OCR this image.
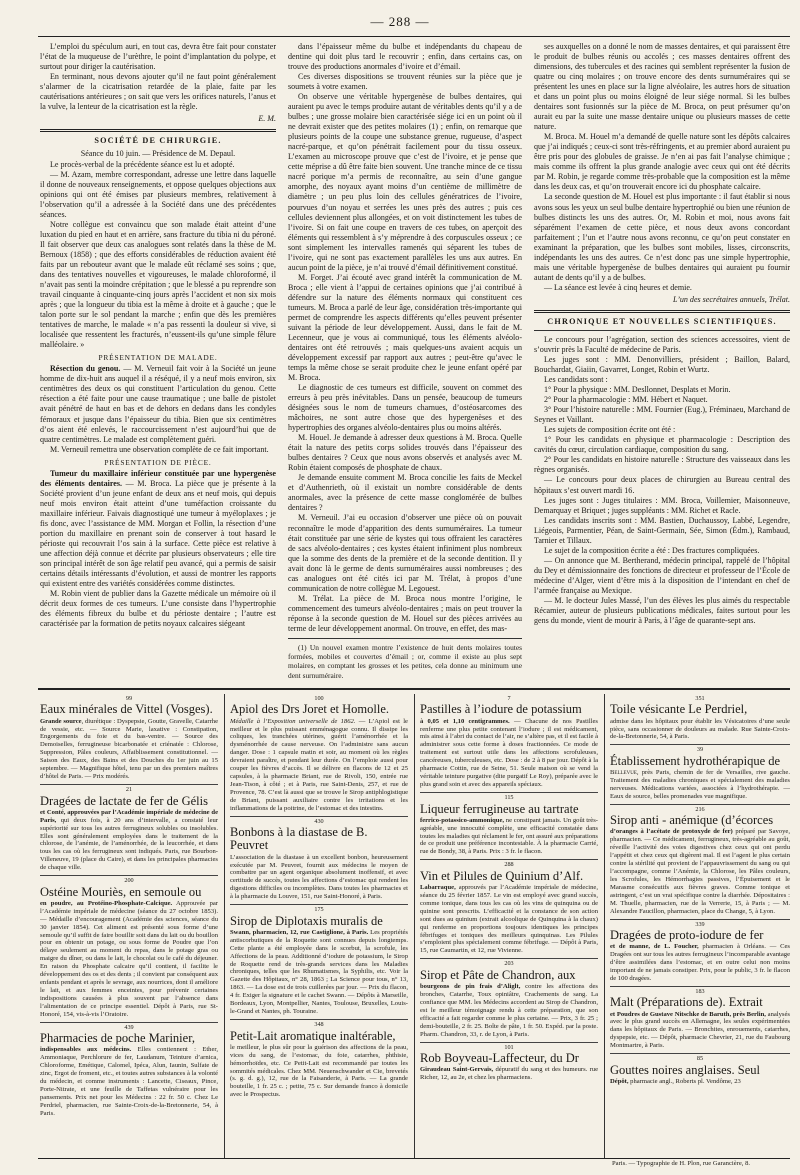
— 288 —

L’emploi du spéculum auri, en tout cas, devra être fait pour constater l’état de la muqueuse de l’urèthre, le point d’implantation du polype, et surtout pour diriger la cautérisation.

En terminant, nous devons ajouter qu’il ne faut point généralement s’alarmer de la cicatrisation retardée de la plaie, faite par les cautérisations antérieures ; on sait que vers les orifices naturels, l’anus et la vulve, la lenteur de la cicatrisation est la règle.

E. M.
SOCIÉTÉ DE CHIRURGIE.

Séance du 10 juin. — Présidence de M. Depaul.

Le procès-verbal de la précédente séance est lu et adopté.

— M. Azam, membre correspondant, adresse une lettre dans laquelle il donne de nouveaux renseignements, et oppose quelques objections aux opinions qui ont été émises par plusieurs membres, relativement à l’observation qu’il a adressée à la Société dans une des précédentes séances.

Notre collègue est convaincu que son malade était atteint d’une luxation du pied en haut et en arrière, sans fracture du tibia ni du péroné. Il fait observer que deux cas analogues sont relatés dans la thèse de M. Bernoux (1858) ; que des efforts considérables de réduction avaient été faits par un rebouteur avant que le malade eût réclamé ses soins ; que, dans des tentatives nouvelles et vigoureuses, le malade chloroformé, il n’avait pas senti la moindre crépitation ; que le blessé a pu reprendre son travail cinquante à cinquante-cinq jours après l’accident et non six mois après ; que la longueur du tibia est la même à droite et à gauche ; que le talon porte sur le sol pendant la marche ; enfin que dès les premières tentatives de marche, le malade « n’a pas ressenti la douleur si vive, si localisée que ressentent les fracturés, n’eussent-ils qu’une simple fêlure malléolaire. »

PRÉSENTATION DE MALADE.

Résection du genou. — M. Verneuil fait voir à la Société un jeune homme de dix-huit ans auquel il a réséqué, il y a neuf mois environ, six centimètres des deux os qui constituent l’articulation du genou. Cette résection a été faite pour une cause traumatique ; une balle de pistolet avait pénétré de haut en bas et de dehors en dedans dans les condyles fémoraux et jusque dans l’épaisseur du tibia. Bien que six centimètres d’os aient été enlevés, le raccourcissement n’est aujourd’hui que de quatre centimètres. Le malade est complètement guéri.

M. Verneuil remettra une observation complète de ce fait important.

PRÉSENTATION DE PIÈCE.

Tumeur du maxillaire inférieur constituée par une hypergenèse des éléments dentaires. — M. Broca. La pièce que je présente à la Société provient d’un jeune enfant de deux ans et neuf mois, qui depuis neuf mois environ était atteint d’une tuméfaction croissante du maxillaire inférieur. Faivais diagnostiqué une tumeur à myéloplaxes ; je fis donc, avec l’assistance de MM. Morgan et Follin, la résection d’une portion du maxillaire en prenant soin de conserver à tout hasard le périoste qui recouvrait l’os sain à la surface. Cette pièce est relative à une affection déjà connue et décrite par plusieurs observateurs ; elle tire son principal intérêt de son âge relatif peu avancé, qui a permis de saisir certains détails intéressants d’évolution, et aussi de montrer les rapports qui existent entre des variétés considérées comme distinctes.

M. Robin vient de publier dans la Gazette médicale un mémoire où il décrit deux formes de ces tumeurs. L’une consiste dans l’hypertrophie des éléments fibreux du bulbe et du périoste dentaire ; l’autre est caractérisée par la formation de petits noyaux calcaires siégeant

dans l’épaisseur même du bulbe et indépendants du chapeau de dentine qui doit plus tard le recouvrir ; enfin, dans certains cas, on trouve des productions anormales d’ivoire et d’émail.

Ces diverses dispositions se trouvent réunies sur la pièce que je soumets à votre examen.

On observe une véritable hypergenèse de bulbes dentaires, qui auraient pu avec le temps produire autant de véritables dents qu’il y a de bulbes ; une grosse molaire bien caractérisée siége ici en un point où il ne devrait exister que des petites molaires (1) ; enfin, on remarque que plusieurs points de la coupe une substance grenue, rugueuse, d’aspect nacré-parque, et qu’on pénétrait facilement pour du tissu osseux. L’examen au microscope prouve que c’est de l’ivoire, et je pense que cette méprise a dû être faite bien souvent. Une tranche mince de ce tissu nacré porique m’a permis de reconnaître, au sein d’une gangue amorphe, des noyaux ayant moins d’un centième de millimètre de diamètre ; un peu plus loin des cellules génératrices de l’ivoire, pourvues d’un noyau et serrées les unes près des autres ; puis ces cellules deviennent plus allongées, et on voit distinctement les tubes de l’ivoire. Si on fait une coupe en travers de ces tubes, on aperçoit des éléments qui ressemblent à s’y méprendre à des corpuscules osseux ; ce sont simplement les intervalles ramenés qui séparent les tubes de l’ivoire, qui ne sont pas exactement parallèles les uns aux autres. En aucun point de la pièce, je n’ai trouvé d’émail définitivement constitué.

M. Forget. J’ai écouté avec grand intérêt la communication de M. Broca ; elle vient à l’appui de certaines opinions que j’ai contribué à défendre sur la nature des éléments normaux qui constituent ces tumeurs. M. Broca a parlé de leur âge, considération très-importante qui permet de comprendre les aspects différents qu’elles peuvent présenter suivant la période de leur développement. Aussi, dans le fait de M. Lecenneur, que je vous ai communiqué, tous les éléments alvéolo-dentaires ont été retrouvés ; mais quelques-uns avaient acquis un développement excessif par rapport aux autres ; peut-être qu’avec le temps la même chose se serait produite chez le jeune enfant opéré par M. Broca.

Le diagnostic de ces tumeurs est difficile, souvent on commet des erreurs à peu près inévitables. Dans un pensée, beaucoup de tumeurs désignées sous le nom de tumeurs charnues, d’ostéosarcomes des mâchoires, ne sont autre chose que des hypergenèses et des hypertrophies des organes alvéolo-dentaires plus ou moins altérés.

M. Houel. Je demande à adresser deux questions à M. Broca. Quelle était la nature des petits corps solides trouvés dans l’épaisseur des bulbes dentaires ? Ceux que nous avons observés et analysés avec M. Robin étaient composés de phosphate de chaux.

Je demande ensuite comment M. Broca concilie les faits de Meckel et d’Authenrieth, où il existait un nombre considérable de dents anormales, avec la présence de cette masse conglomérée de bulbes dentaires ?

M. Verneuil. J’ai eu occasion d’observer une pièce où on pouvait reconnaître le mode d’apparition des dents surnuméraires. La tumeur était constituée par une série de kystes qui tous offraient les caractères de sacs alvéolo-dentaires ; ces kystes étaient infiniment plus nombreux que la somme des dents de la première et de la seconde dentition. Il y avait donc là le germe de dents surnuméraires aussi nombreuses ; des cas analogues ont été cités ici par M. Trélat, à propos d’une communication de notre collègue M. Legouest.

M. Trélat. La pièce de M. Broca nous montre l’origine, le commencement des tumeurs alvéolo-dentaires ; mais on peut trouver la réponse à la seconde question de M. Houel sur des pièces arrivées au terme de leur développement anormal. On trouve, en effet, des mas-

(1) Un nouvel examen montre l’existence de huit dents molaires toutes formées, mobiles et couvertes d’émail ; or, comme il existe au plus sept molaires, en comptant les grosses et les petites, cela donne au minimum une dent surnuméraire.

ses auxquelles on a donné le nom de masses dentaires, et qui paraissent être le produit de bulbes réunis ou accolés ; ces masses dentaires offrent des dimensions, des tubercules et des racines qui semblent représenter la fusion de quatre ou cinq molaires ; on trouve encore des dents surnuméraires qui se présentent les unes en place sur la ligne alvéolaire, les autres hors de situation et dans un point plus ou moins éloigné de leur siége normal. Si les bulbes dentaires sont fusionnés sur la pièce de M. Broca, on peut présumer qu’on aurait eu par la suite une masse dentaire unique ou plusieurs masses de cette nature.

M. Broca. M. Houel m’a demandé de quelle nature sont les dépôts calcaires que j’ai indiqués ; ceux-ci sont très-réfringents, et au premier abord auraient pu être pris pour des globules de graisse. Je n’en ai pas fait l’analyse chimique ; mais comme ils offrent la plus grande analogie avec ceux qui ont été décrits par M. Robin, je regarde comme très-probable que la composition est la même dans les deux cas, et qu’on trouverait encore ici du phosphate calcaire.

La seconde question de M. Houel est plus importante : il faut établir si nous avons sous les yeux un seul bulbe dentaire hypertrophié ou bien une réunion de bulbes distincts les uns des autres. Or, M. Robin et moi, nous avons fait séparément l’examen de cette pièce, et nous deux avons concordant parfaitement ; l’un et l’autre nous avons reconnu, ce qu’on peut constater en examinant la préparation, que les bulbes sont mobiles, lisses, circonscrits, indépendants les uns des autres. Ce n’est donc pas une simple hypertrophie, mais une véritable hypergenèse de bulbes dentaires qui auraient pu fournir autant de dents qu’il y a de bulbes.

— La séance est levée à cinq heures et demie.

L’un des secrétaires annuels, Trélat.
CHRONIQUE ET NOUVELLES SCIENTIFIQUES.

Le concours pour l’agrégation, section des sciences accessoires, vient de s’ouvrir près la Faculté de médecine de Paris.

Les juges sont : MM. Denonvilliers, président ; Baillon, Balard, Bouchardat, Giaiin, Gavarret, Longet, Robin et Wurtz.

Les candidats sont :

1° Pour la physique : MM. Desllonnet, Desplats et Morin.

2° Pour la pharmacologie : MM. Hébert et Naquet.

3° Pour l’histoire naturelle : MM. Fournier (Eug.), Fréminaeu, Marchand de Seynes et Vaillant.

Les sujets de composition écrite ont été :

1° Pour les candidats en physique et pharmacologie : Description des cavités du cœur, circulation cardiaque, composition du sang.

2° Pour les candidats en histoire naturelle : Structure des vaisseaux dans les règnes organisés.

— Le concours pour deux places de chirurgien au Bureau central des hôpitaux s’est ouvert mardi 16.

Les juges sont : Juges titulaires : MM. Broca, Voillemier, Maisonneuve, Demarquay et Briquet ; juges suppléants : MM. Richet et Racle.

Les candidats inscrits sont : MM. Bastien, Duchaussoy, Labbé, Legendre, Liégeois, Parmentier, Péan, de Saint-Germain, Sée, Simon (Édm.), Rambaud, Tarnier et Tillaux.

Le sujet de la composition écrite a été : Des fractures compliquées.

— On annonce que M. Bertherand, médecin principal, rappelé de l’hôpital du Dey et démissionnaire des fonctions de directeur et professeur de l’École de médecine d’Alger, vient d’être mis à la disposition de l’intendant en chef de l’armée française au Mexique.

— M. le docteur Jules Massé, l’un des élèves les plus aimés du respectable Récamier, auteur de plusieurs publications médicales, faites surtout pour les gens du monde, vient de mourir à Paris, à l’âge de quarante-sept ans.

99
Eaux minérales de Vittel (Vosges).
Grande source, diurétique : Dyspepsie, Goutte, Gravelle, Catarrhe de vessie, etc. — Source Marie, laxative : Constipation, Engorgements du foie et du bas-ventre. — Source des Demoiselles, ferrugineuse bicarbonatée et criénatée : Chlorose, Suppression, Pâles couleurs, Affaiblissement constitutionnel. — Saison des Eaux, des Bains et des Douches du 1er juin au 15 septembre. — Magnifique hôtel, tenu par un des premiers maîtres d’hôtel de Paris. — Prix modérés.
21
Dragées de lactate de fer de Gélis
et Conté, approuvées par l’Académie impériale de médecine de Paris, qui deux fois, à 20 ans d’intervalle, a constaté leur supériorité sur tous les autres ferrugineux solubles ou insolubles. Elles sont généralement employées dans le traitement de la chlorose, de l’anémie, de l’aménorrhée, de la leucorrhée, et dans tous les cas où les ferrugineux sont indiqués. Paris, rue Bourbon-Villeneuve, 19 (place du Caire), et dans les principales pharmacies de chaque ville.
200
Ostéine Mouriès, en semoule ou
en poudre, au Protéino-Phosphate-Calcique. Approuvée par l’Académie impériale de médecine (séance du 27 octobre 1853). — Médaille d’encouragement (Académie des sciences, séance du 30 janvier 1854). Cet aliment est présenté sous forme d’une semoule qu’il suffit de faire bouillir soit dans du lait ou du bouillon pour en obtenir un potage, ou sous forme de Poudre que l’on délaye seulement au moment du repas, dans le potage gras ou maigre du dîner, ou dans le lait, le chocolat ou le café du déjeuner. En raison du Phosphate calcaire qu’il contient, il facilite le développement des os et des dents ; il convient par conséquent aux enfants pendant et après le sevrage, aux nourrices, dont il améliore le lait, et aux femmes enceintes, pour prévenir certaines indispositions causées à plus souvent par l’absence dans l’alimentation de ce principe essentiel. Dépôt à Paris, rue St-Honoré, 154, vis-à-vis l’Oratoire.
439
Pharmacies de poche Marinier,
indispensables aux médecins. Elles contiennent : Ether, Ammoniaque, Perchlorure de fer, Laudanum, Teinture d’arnica, Chloroforme, Emétique, Calomel, Ipéca, Alun, Iaunin, Sulfate de zinc, Ergot de froment, etc., et toutes autres substances à la volonté du médecin, et comme instruments : Lancette, Ciseaux, Pince, Porte-Nitrate, et une feuille de Taffetas vulnéraire pour les pansements. Prix net pour les Médecins : 22 fr. 50 c. Chez Le Perdriel, pharmacien, rue Sainte-Croix-de-la-Bretonnerie, 54, à Paris.
100
Apiol des Drs Joret et Homolle.
Médaille à l’Exposition universelle de 1862. — L’Apiol est le meilleur et le plus puissant emménagogue connu. Il dissipe les coliques, les tranchées utérines, guérit l’aménorrhée et la dysménorrhée de cause nerveuse. On l’administre sans aucun danger. Dose : 1 capsule matin et soir, au moment où les règles devraient paraître, et pendant leur durée. On l’emploie aussi pour couper les fièvres d’accès. Il se délivre en flacons de 12 et 25 capsules, à la pharmacie Briant, rue de Rivoli, 150, entrée rue Jean-Tison, à côté ; et à Paris, rue Saint-Denis, 257, et rue de Provence, 78. C’est là aussi que se trouve le Sirop antiphlogistique de Briant, puissant auxiliaire contre les irritations et les inflammations de la poitrine, de l’estomac et des intestins.
430
Bonbons à la diastase de B. Peuvret
L’association de la diastase à un excellent bonbon, heureusement exécutée par M. Peuvret, fournit aux médecins le moyen de combattre par un agent organique absolument inoffensif, et avec certitude de succès, toutes les affections d’estomac qui rendent les digestions difficiles ou incomplètes. Dans toutes les pharmacies et à la pharmacie du Louvre, 151, rue Saint-Honoré, à Paris.
175
Sirop de Diplotaxis muralis de
Swann, pharmacien, 12, rue Castiglione, à Paris. Les propriétés antiscorbutiques de la Roquette sont connues depuis longtemps. Cette plante a été employée dans le scorbut, la scrofule, les Affections de la peau. Additionné d’iodure de potassium, le Sirop de Roquette rend de très-grands services dans les Maladies chroniques, telles que les Rhumatismes, la Syphilis, etc. Voir la Gazette des Hôpitaux, n° 28, 1863 ; La Science pour tous, n° 13, 1863. — La dose est de trois cuillerées par jour. — Prix du flacon, 4 fr. Exiger la signature et le cachet Swann. — Dépôts à Marseille, Bordeaux, Lyon, Montpellier, Nantes, Toulouse, Bruxelles, Louis-le-Grand et Nantes, ph. Touraine.
348
Petit-Lait aromatique inaltérable,
le meilleur, le plus sûr pour la guérison des affections de la peau, vices du sang, de l’estomac, du foie, catarrhes, phthisie, hémorrhoïdes, etc. Ce Petit-Lait est recommandé par toutes les sommités médicales. Chez MM. Neuenschwander et Cie, brevetés (s. g. d. g.), 12, rue de la Faisanderie, à Paris. — La grande bouteille, 1 fr. 25 c. ; petite, 75 c. Sur demande franco à domicile avec le Prospectus.
7
Pastilles à l’iodure de potassium
à 0,05 et 1,10 centigrammes. — Chacune de nos Pastilles renferme une plus petite contenant l’iodure ; il est médicament, mis ainsi à l’abri du contact de l’air, ne s’altère pas, et il est facile à administrer sous cette forme à doses fractionnées. Ce mode de traitement est surtout utile dans les affections scrofuleuses, cancéreuses, tuberculeuses, etc. Dose : de 2 à 8 par jour. Dépôt à la pharmacie Cottin, rue de Seine, 51. Seule maison où se vend la véritable teinture purgative (dite purgatif Le Roy), préparée avec le plus grand soin et avec des appareils spéciaux.
115
Liqueur ferrugineuse au tartrate
ferrico-potassico-ammonique, ne constipant jamais. Un goût très-agréable, une innocuité complète, une efficacité constatée dans toutes les maladies qui réclament le fer, ont assuré aux préparations de ce produit une préférence incontestable. À la pharmacie Carrié, rue de Bondy, 38, à Paris. Prix : 3 fr. le flacon.
288
Vin et Pilules de Quinium d’Alf.
Labarraque, approuvés par l’Académie impériale de médecine, séance du 25 février 1857. Le vin est employé avec grand succès, comme tonique, dans tous les cas où les vins de quinquina ou de quinine sont prescrits. L’efficacité et la constance de son action sont dues au quinium (extrait alcoolique de Quinquina à la chaux) qui renferme en proportions toujours identiques les principes fébrifuges et toniques des meilleurs quinquinas. Les Pilules s’emploient plus spécialement comme fébrifuge. — Dépôt à Paris, 15, rue Caumartin, et 12, rue Vivienne.
203
Sirop et Pâte de Chandron, aux
bourgeons de pin frais d’Aliglt, contre les affections des bronches, Catarrhe, Toux opiniâtre, Crachements de sang. La confiance que MM. les Médecins accordent au Sirop de Chandron, est le meilleur témoignage rendu à cette préparation, que son efficacité a fait regarder comme le plus certaine. — Prix, 3 fr. 25 ; demi-bouteille, 2 fr. 25. Boîte de pâte, 1 fr. 50. Expéd. par la poste. Pharm. Chandron, 33, r. de Lyon, à Paris.
101
Rob Boyveau-Laffecteur, du Dr
Giraudeau Saint-Gervais, dépuratif du sang et des humeurs. rue Richer, 12, au 2e, et chez les pharmaciens.
351
Toile vésicante Le Perdriel,
admise dans les hôpitaux pour établir les Vésicatoires d’une seule pièce, sans occasionner de douleurs au malade. Rue Sainte-Croix-de-la-Bretonnerie, 54, à Paris.
39
Établissement hydrothérapique de
Bellevue, près Paris, chemin de fer de Versailles, rive gauche. Traitement des maladies chroniques et spécialement des maladies nerveuses. Médications variées, associées à l’hydrothérapie. — Eaux de source, belles promenades vue magnifique.
216
Sirop anti - anémique (d’écorces
d’oranges à l’acétate de protoxyde de fer) préparé par Savoye, pharmacien. — Ce médicament, ferrugineux, très-agréable au goût, réveille l’activité des voies digestives chez ceux qui ont perdu l’appétit et chez ceux qui digèrent mal. Il est l’agent le plus certain contre la stérilité qui provient de l’appauvrissement du sang ou qui l’accompagne, comme l’Anémie, la Chlorose, les Pâles couleurs, les Scrofules, les Hémorrhagies passives, l’Épuisement et le Marasme consécutifs aux fièvres graves. Comme tonique et astringent, c’est un vrai spécifique contre la diarrhée. Dépositaires : M. Thuelle, pharmacien, rue de la Verrerie, 15, à Paris ; — M. Alexandre Faucillon, pharmacien, place du Change, 5, à Lyon.
339
Dragées de proto-iodure de fer
et de manne, de L. Foucher, pharmacien à Orléans. — Ces Dragées ont sur tous les autres ferrugineux l’incomparable avantage d’être assimilées dans l’estomac, et en outre celui non moins important de ne jamais constiper. Prix, pour le public, 3 fr. le flacon de 100 dragées.
183
Malt (Préparations de). Extrait
et Poudres de Gustave Nitschke de Baruth, près Berlin, analysés avec le plus grand succès en Allemagne, les seules expérimentées dans les hôpitaux de Paris. — Bronchites, enrouements, catarrhes, dyspepsie, etc. — Dépôt, pharmacie Chevrier, 21, rue du Faubourg Montmartre, à Paris.
85
Gouttes noires anglaises. Seul
Dépôt, pharmacie angl., Roberts pl. Vendôme, 23
Paris. — Typographie de H. Plon, rue Garancière, 8.
